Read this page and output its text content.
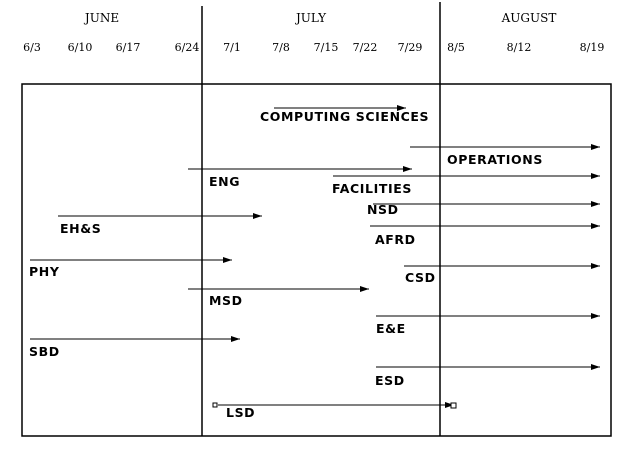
JUNE	JULY	AUGUST
6/3 6/10 6/17	6/24 7/1	7/8 7/15 7/22 7/29 8/5	8/12	8/19
COMPUTING SCIENCES
OPERATIONS
ENG	FACILITIES
NSD
EH&S
AFRD
PHY	CSD
MSD
E&E
SBD
ESD
LSD
